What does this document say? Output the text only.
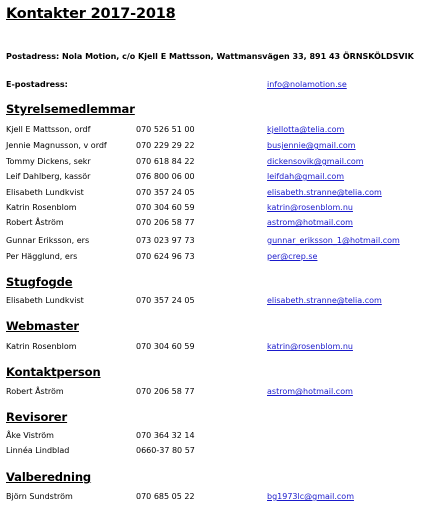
Kontakter 2017-2018
Postadress: Nola Motion, c/o Kjell E Mattsson, Wattmansvägen 33, 891 43 ÖRNSKÖLDSVIK
E-postadress:	info@nolamotion.se
Styrelsemedlemmar
Kjell E Mattsson, ordf	070 526 51 00	kjellotta@telia.com
Jennie Magnusson, v ordf	070 229 29 22	busjennie@gmail.com
Tommy Dickens, sekr	070 618 84 22	dickensovik@gmail.com
Leif Dahlberg, kassör	076 800 06 00	leifdah@gmail.com
Elisabeth Lundkvist	070 357 24 05	elisabeth.stranne@telia.com
Katrin Rosenblom	070 304 60 59	katrin@rosenblom.nu
Robert Åström	070 206 58 77	astrom@hotmail.com
Gunnar Eriksson, ers	073 023 97 73	gunnar_eriksson_1@hotmail.com
Per Hägglund, ers	070 624 96 73	per@crep.se
Stugfogde
Elisabeth Lundkvist	070 357 24 05	elisabeth.stranne@telia.com
Webmaster
Katrin Rosenblom	070 304 60 59	katrin@rosenblom.nu
Kontaktperson
Robert Åström	070 206 58 77	astrom@hotmail.com
Revisorer
Åke Viström	070 364 32 14
Linnéa Lindblad	0660-37 80 57
Valberedning
Björn Sundström	070 685 05 22	bg1973lc@gmail.com
